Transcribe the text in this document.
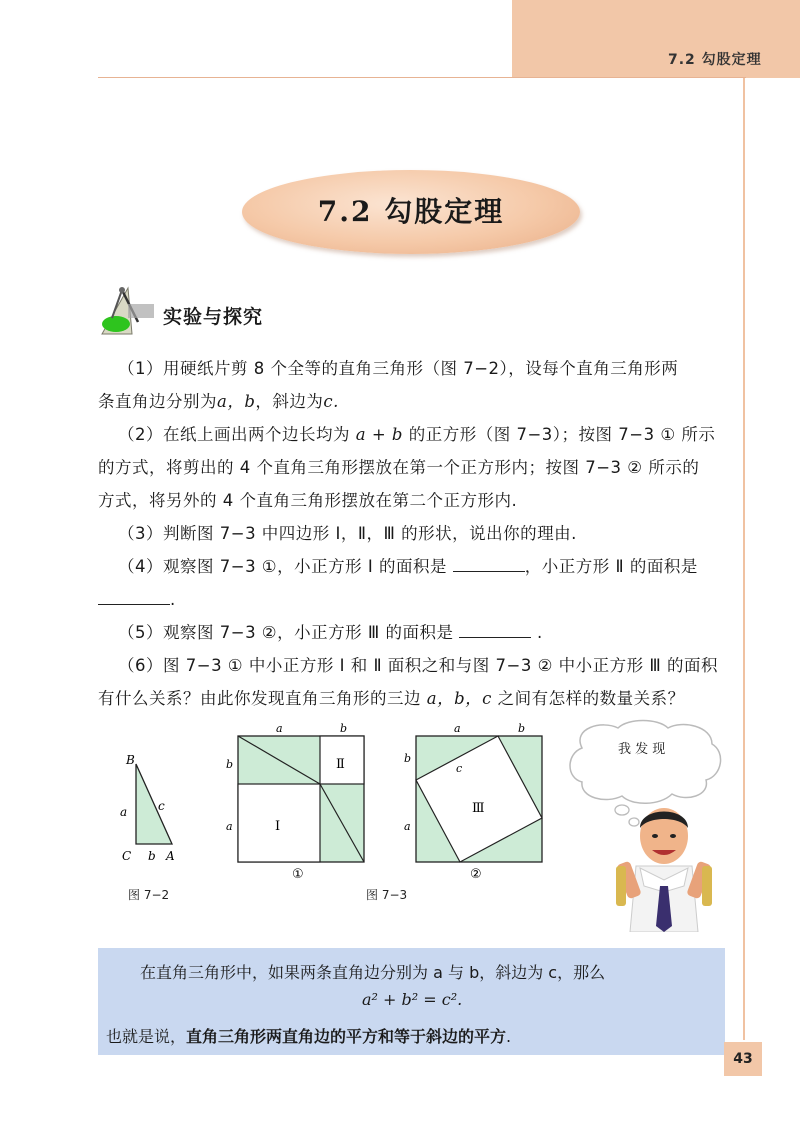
7.2 勾股定理
7.2 勾股定理
实验与探究
（1）用硬纸片剪 8 个全等的直角三角形（图 7−2），设每个直角三角形两
条直角边分别为a，b，斜边为c.
（2）在纸上画出两个边长均为 a + b 的正方形（图 7−3）；按图 7−3 ① 所示
的方式，将剪出的 4 个直角三角形摆放在第一个正方形内；按图 7−3 ② 所示的
方式，将另外的 4 个直角三角形摆放在第二个正方形内.
（3）判断图 7−3 中四边形 Ⅰ，Ⅱ，Ⅲ 的形状，说出你的理由.
（4）观察图 7−3 ①，小正方形 Ⅰ 的面积是	，小正方形 Ⅱ 的面积是
.
（5）观察图 7−3 ②，小正方形 Ⅲ 的面积是	.
（6）图 7−3 ① 中小正方形 Ⅰ 和 Ⅱ 面积之和与图 7−3 ② 中小正方形 Ⅲ 的面积
有什么关系？由此你发现直角三角形的三边 a，b，c 之间有怎样的数量关系？
B
a	c
C b A
图 7−2
a	b
b
a	Ⅰ
Ⅱ
①
图 7−3
a	b
b
a
c
Ⅲ
②
我 发 现
在直角三角形中，如果两条直角边分别为 a 与 b，斜边为 c，那么
a² + b² = c².
也就是说，直角三角形两直角边的平方和等于斜边的平方.
43
